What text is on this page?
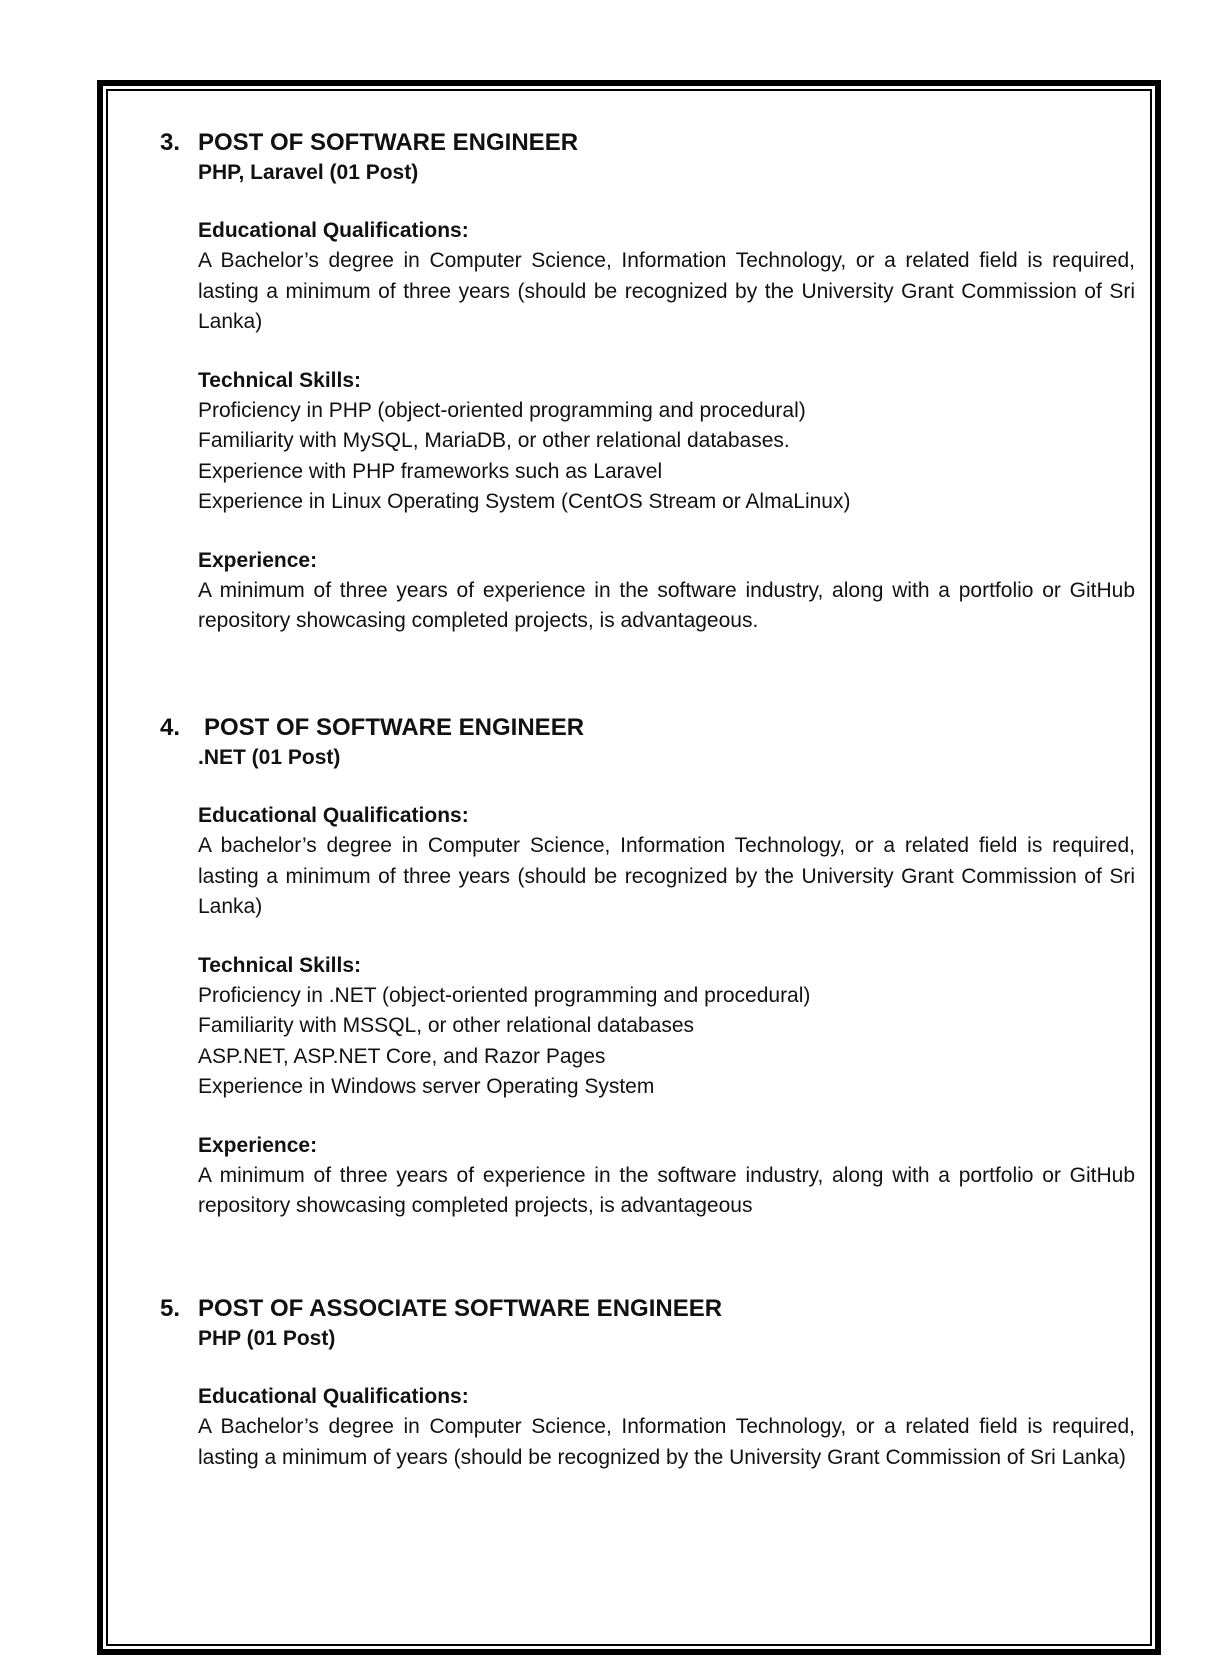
3. POST OF SOFTWARE ENGINEER

PHP, Laravel (01 Post)

Educational Qualifications:

A Bachelor’s degree in Computer Science, Information Technology, or a related field is required, lasting a minimum of three years (should be recognized by the University Grant Commission of Sri Lanka)

Technical Skills:

Proficiency in PHP (object-oriented programming and procedural)

Familiarity with MySQL, MariaDB, or other relational databases.

Experience with PHP frameworks such as Laravel

Experience in Linux Operating System (CentOS Stream or AlmaLinux)

Experience:

A minimum of three years of experience in the software industry, along with a portfolio or GitHub repository showcasing completed projects, is advantageous.

4. POST OF SOFTWARE ENGINEER

.NET (01 Post)

Educational Qualifications:

A bachelor’s degree in Computer Science, Information Technology, or a related field is required, lasting a minimum of three years (should be recognized by the University Grant Commission of Sri Lanka)

Technical Skills:

Proficiency in .NET (object-oriented programming and procedural)

Familiarity with MSSQL, or other relational databases

ASP.NET, ASP.NET Core, and Razor Pages

Experience in Windows server Operating System

Experience:

A minimum of three years of experience in the software industry, along with a portfolio or GitHub repository showcasing completed projects, is advantageous

5. POST OF ASSOCIATE SOFTWARE ENGINEER

PHP (01 Post)

Educational Qualifications:

A Bachelor’s degree in Computer Science, Information Technology, or a related field is required, lasting a minimum of years (should be recognized by the University Grant Commission of Sri Lanka)
